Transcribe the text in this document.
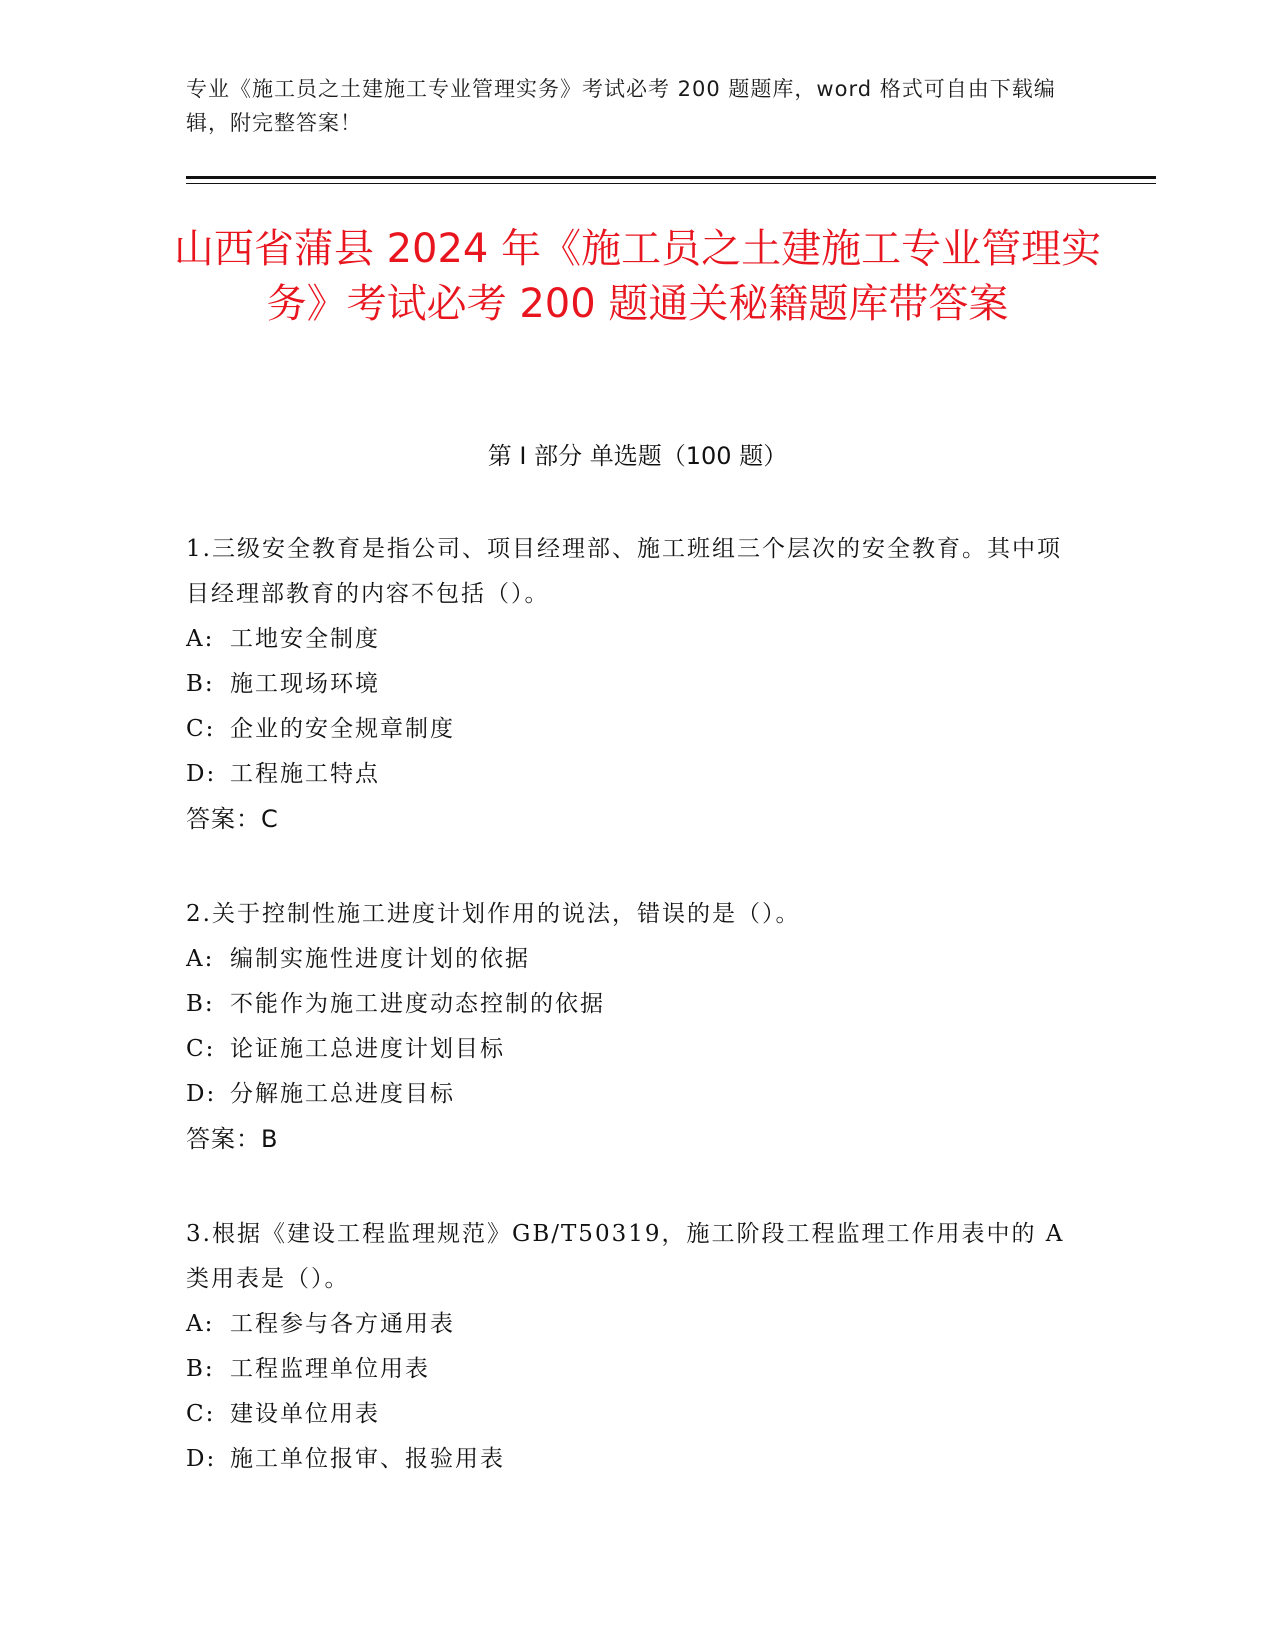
专业《施工员之土建施工专业管理实务》考试必考 200 题题库，word 格式可自由下载编辑，附完整答案！
山西省蒲县 2024 年《施工员之土建施工专业管理实务》考试必考 200 题通关秘籍题库带答案
第 I 部分 单选题（100 题）
1.三级安全教育是指公司、项目经理部、施工班组三个层次的安全教育。其中项目经理部教育的内容不包括（）。
A: 工地安全制度
B: 施工现场环境
C: 企业的安全规章制度
D: 工程施工特点
答案：C
2.关于控制性施工进度计划作用的说法，错误的是（）。
A: 编制实施性进度计划的依据
B: 不能作为施工进度动态控制的依据
C: 论证施工总进度计划目标
D: 分解施工总进度目标
答案：B
3.根据《建设工程监理规范》GB/T50319，施工阶段工程监理工作用表中的 A 类用表是（）。
A: 工程参与各方通用表
B: 工程监理单位用表
C: 建设单位用表
D: 施工单位报审、报验用表
